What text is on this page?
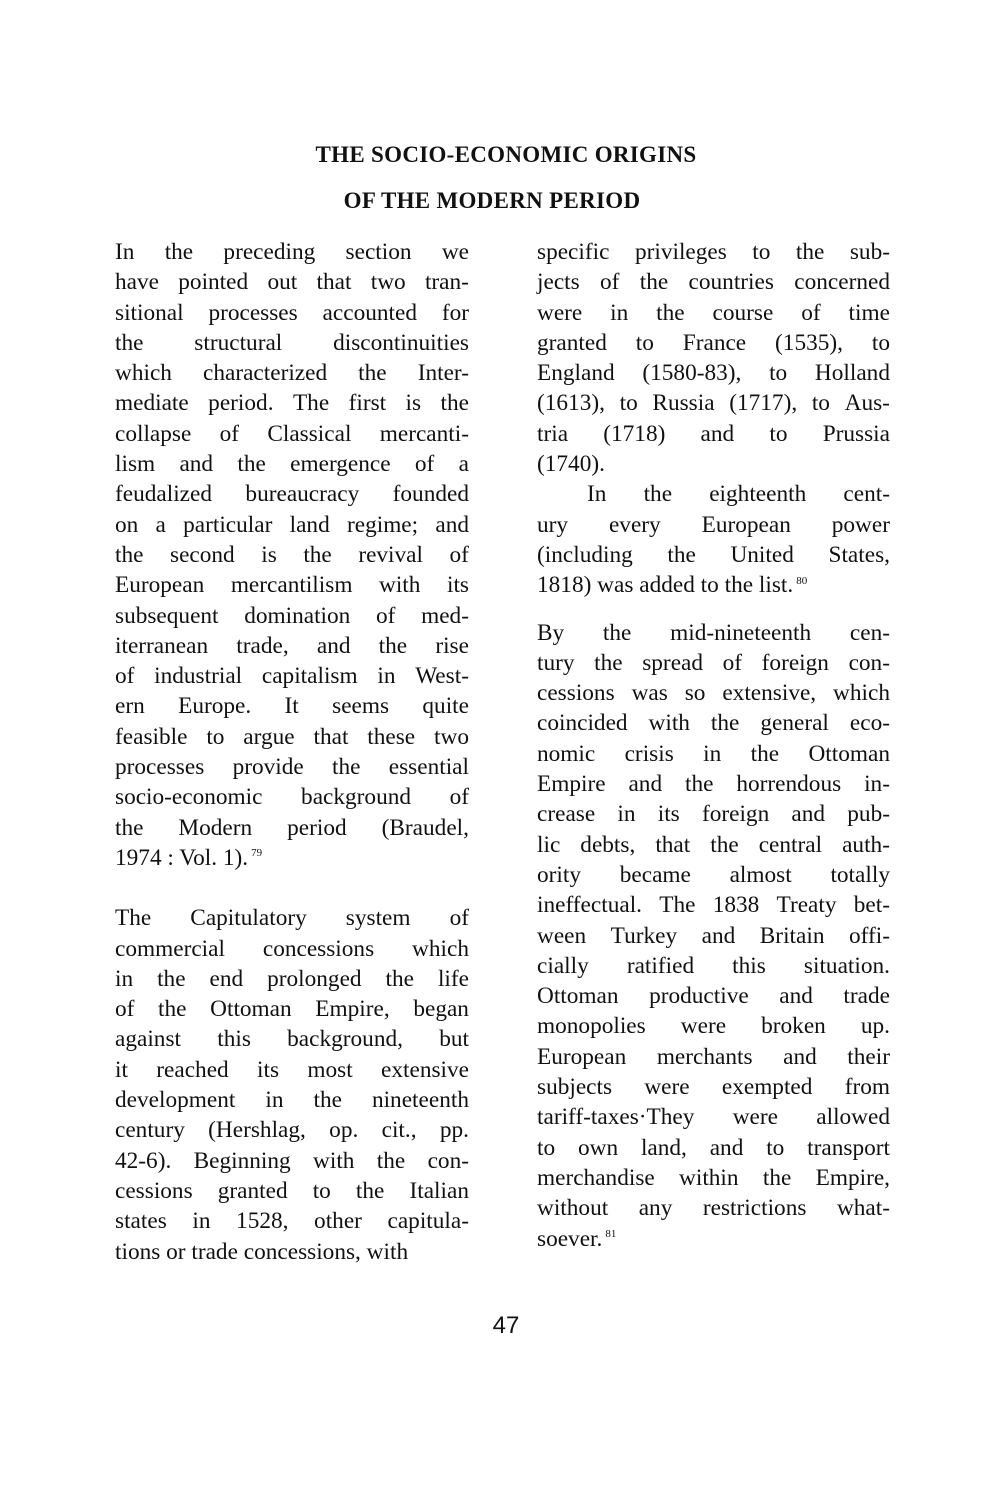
THE SOCIO-ECONOMIC ORIGINS
OF THE MODERN PERIOD
In the preceding section we
have pointed out that two tran-
sitional processes accounted for
the structural discontinuities
which characterized the Inter-
mediate period. The first is the
collapse of Classical mercanti-
lism and the emergence of a
feudalized bureaucracy founded
on a particular land regime; and
the second is the revival of
European mercantilism with its
subsequent domination of med-
iterranean trade, and the rise
of industrial capitalism in West-
ern Europe. It seems quite
feasible to argue that these two
processes provide the essential
socio-economic background of
the Modern period (Braudel,
1974 : Vol. 1). $^{79}$
The Capitulatory system of
commercial concessions which
in the end prolonged the life
of the Ottoman Empire, began
against this background, but
it reached its most extensive
development in the nineteenth
century (Hershlag, op. cit., pp.
42-6). Beginning with the con-
cessions granted to the Italian
states in 1528, other capitula-
tions or trade concessions, with
specific privileges to the sub-
jects of the countries concerned
were in the course of time
granted to France (1535), to
England (1580-83), to Holland
(1613), to Russia (1717), to Aus-
tria (1718) and to Prussia
(1740).
In the eighteenth cent-
ury every European power
(including the United States,
1818) was added to the list. $^{80}$
By the mid-nineteenth cen-
tury the spread of foreign con-
cessions was so extensive, which
coincided with the general eco-
nomic crisis in the Ottoman
Empire and the horrendous in-
crease in its foreign and pub-
lic debts, that the central auth-
ority became almost totally
ineffectual. The 1838 Treaty bet-
ween Turkey and Britain offi-
cially ratified this situation.
Ottoman productive and trade
monopolies were broken up.
European merchants and their
subjects were exempted from
tariff-taxes·They were allowed
to own land, and to transport
merchandise within the Empire,
without any restrictions what-
soever. $^{81}$
47
